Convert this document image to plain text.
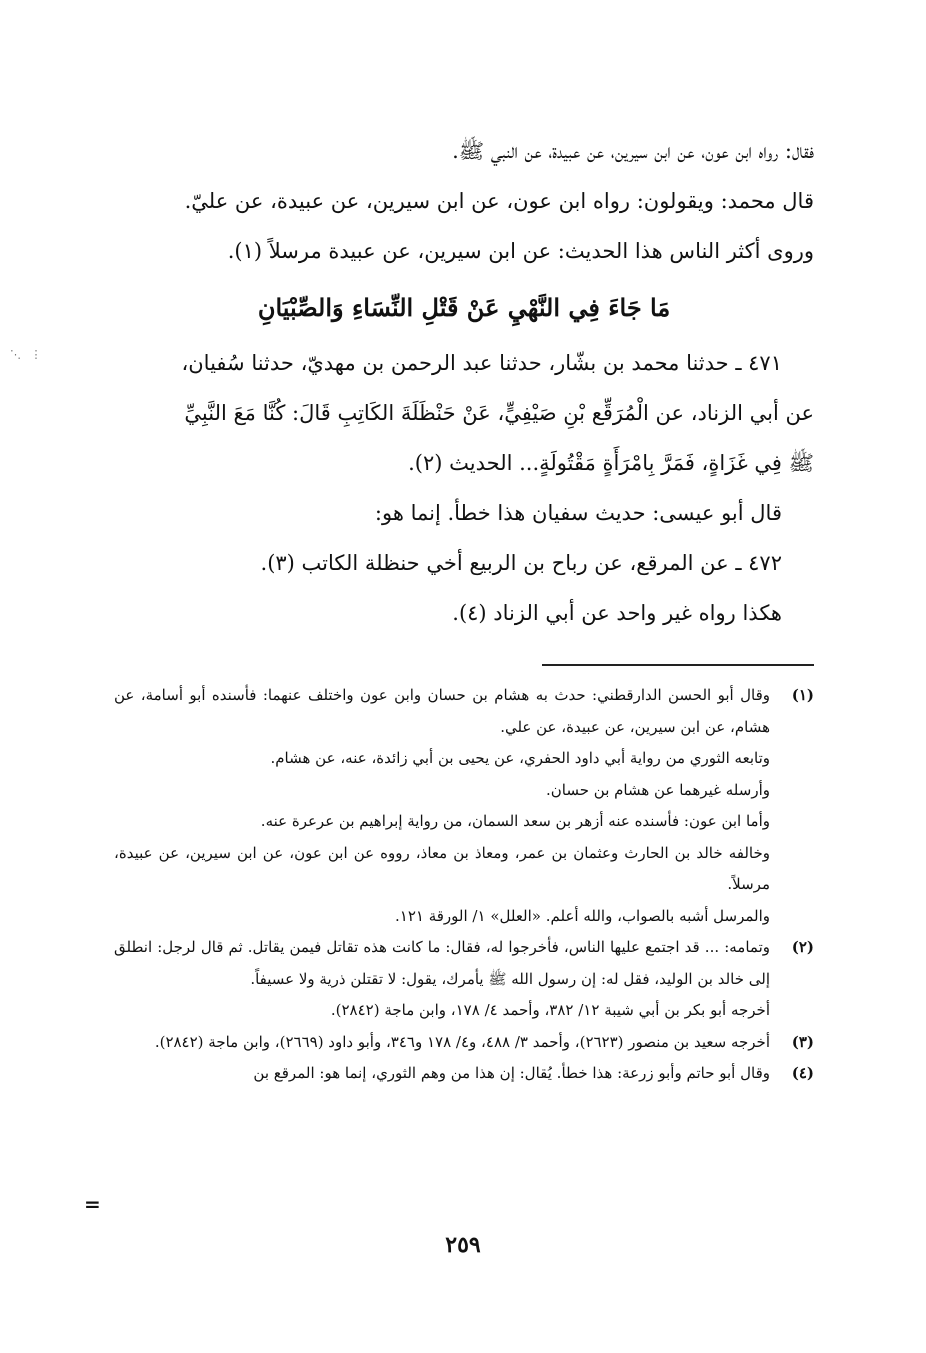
⋮ ⋰

فقال: رواه ابن عون، عن ابن سيرين، عن عبيدة، عن النبي ﷺ.

قال محمد: ويقولون: رواه ابن عون، عن ابن سيرين، عن عبيدة، عن عليّ.

وروى أكثر الناس هذا الحديث: عن ابن سيرين، عن عبيدة مرسلاً (١).

مَا جَاءَ فِي النَّهْيِ عَنْ قَتْلِ النِّسَاءِ وَالصِّبْيَانِ

٤٧١ ـ حدثنا محمد بن بشّار، حدثنا عبد الرحمن بن مهديّ، حدثنا سُفيان،

عن أبي الزناد، عن الْمُرَقِّع بْنِ صَيْفِيٍّ، عَنْ حَنْظَلَةَ الكَاتِبِ قَالَ: كُنَّا مَعَ النَّبِيِّ

ﷺ فِي غَزَاةٍ، فَمَرَّ بِامْرَأَةٍ مَقْتُولَةٍ... الحديث (٢).

قال أبو عيسى: حديث سفيان هذا خطأ. إنما هو:

٤٧٢ ـ عن المرقع، عن رباح بن الربيع أخي حنظلة الكاتب (٣).

هكذا رواه غير واحد عن أبي الزناد (٤).

(١)

وقال أبو الحسن الدارقطني: حدث به هشام بن حسان وابن عون واختلف عنهما: فأسنده أبو أسامة، عن هشام، عن ابن سيرين، عن عبيدة، عن علي.

وتابعه الثوري من رواية أبي داود الحفري، عن يحيى بن أبي زائدة، عنه، عن هشام.

وأرسله غيرهما عن هشام بن حسان.

وأما ابن عون: فأسنده عنه أزهر بن سعد السمان، من رواية إبراهيم بن عرعرة عنه.

وخالفه خالد بن الحارث وعثمان بن عمر، ومعاذ بن معاذ، رووه عن ابن عون، عن ابن سيرين، عن عبيدة، مرسلاً.

والمرسل أشبه بالصواب، والله أعلم. «العلل» ١/ الورقة ١٢١.

(٢)

وتمامه: ... قد اجتمع عليها الناس، فأخرجوا له، فقال: ما كانت هذه تقاتل فيمن يقاتل. ثم قال لرجل: انطلق إلى خالد بن الوليد، فقل له: إن رسول الله ﷺ يأمرك، يقول: لا تقتلن ذرية ولا عسيفاً.

أخرجه أبو بكر بن أبي شيبة ١٢/ ٣٨٢، وأحمد ٤/ ١٧٨، وابن ماجة (٢٨٤٢).

(٣)

أخرجه سعيد بن منصور (٢٦٢٣)، وأحمد ٣/ ٤٨٨، و٤/ ١٧٨ و٣٤٦، وأبو داود (٢٦٦٩)، وابن ماجة (٢٨٤٢).

(٤)

وقال أبو حاتم وأبو زرعة: هذا خطأ. يُقال: إن هذا من وهم الثوري، إنما هو: المرقع بن

=
٢٥٩
